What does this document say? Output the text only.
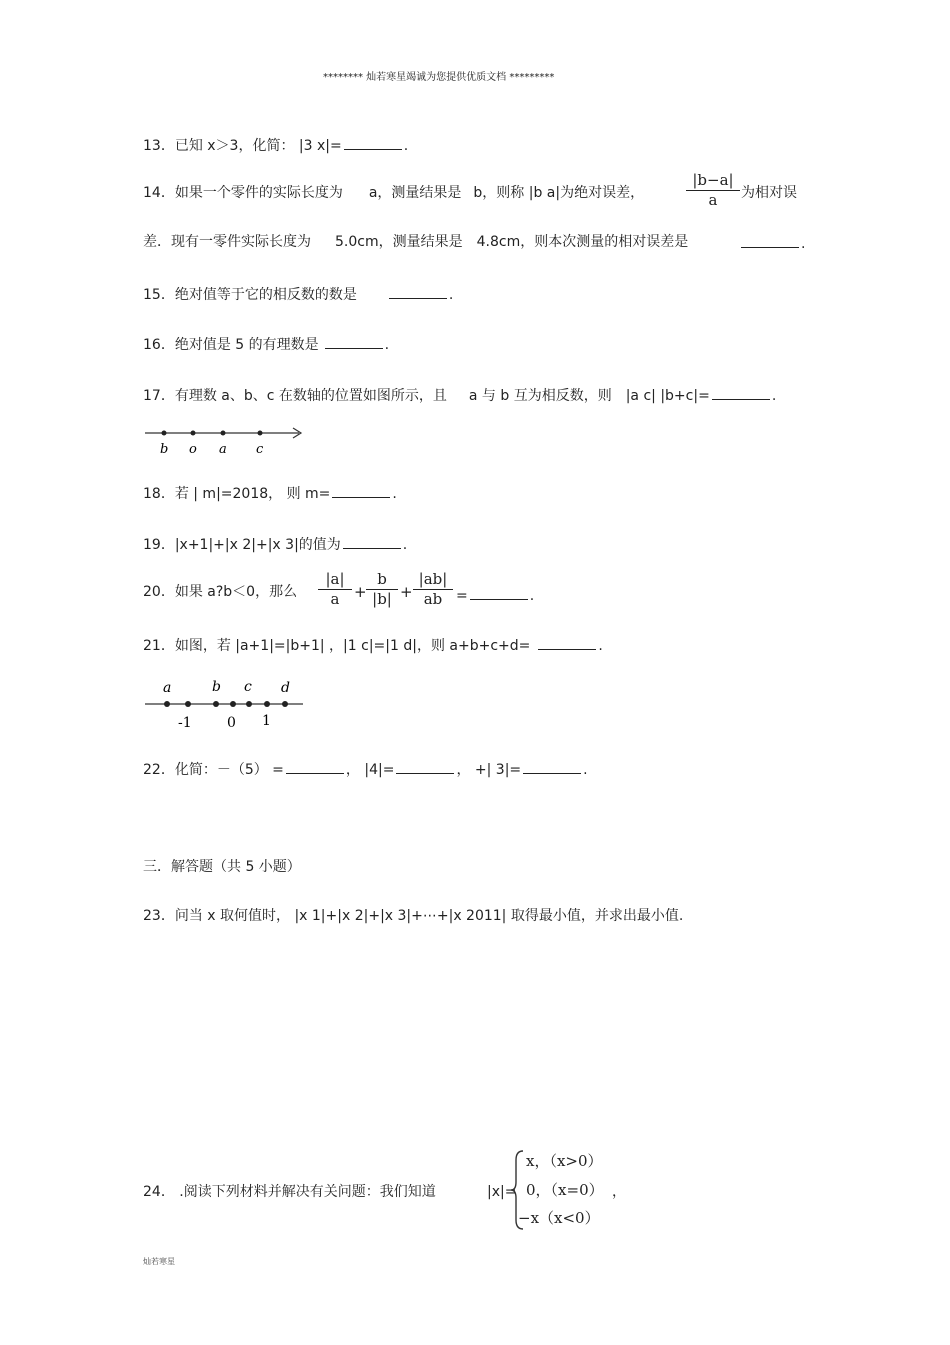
******** 灿若寒星竭诚为您提供优质文档 *********
13．已知 x＞3，化简： |3 x|=	.
14．如果一个零件的实际长度为 a，测量结果是 b，则称 |b a|为绝对误差，
|b−a|
a	为相对误
差．现有一零件实际长度为 5.0cm，测量结果是 4.8cm，则本次测量的相对误差是	.
15．绝对值等于它的相反数的数是	.
16．绝对值是 5 的有理数是	.
17．有理数 a、b、c 在数轴的位置如图所示，且 a 与 b 互为相反数，则 |a c| |b+c|=	.
b o a c
18．若 | m|=2018， 则 m=	.
19．|x+1|+|x 2|+|x 3|的值为	.
20．如果 a?b＜0，那么
|a|
a +
b
|b| +
|ab|
ab =	.
21．如图，若 |a+1|=|b+1| ，|1 c|=|1 d|，则 a+b+c+d=	.
a	b c d
-1	0 1
22．化简：－（5） =	， |4|=	， +| 3|=	.
三．解答题（共 5 小题）
23．问当 x 取何值时， |x 1|+|x 2|+|x 3|+⋯+|x 2011| 取得最小值，并求出最小值.
24． .阅读下列材料并解决有关问题：我们知道	|x|=
x，（x>0）
0，（x=0）
−x（x<0）
，
灿若寒星
